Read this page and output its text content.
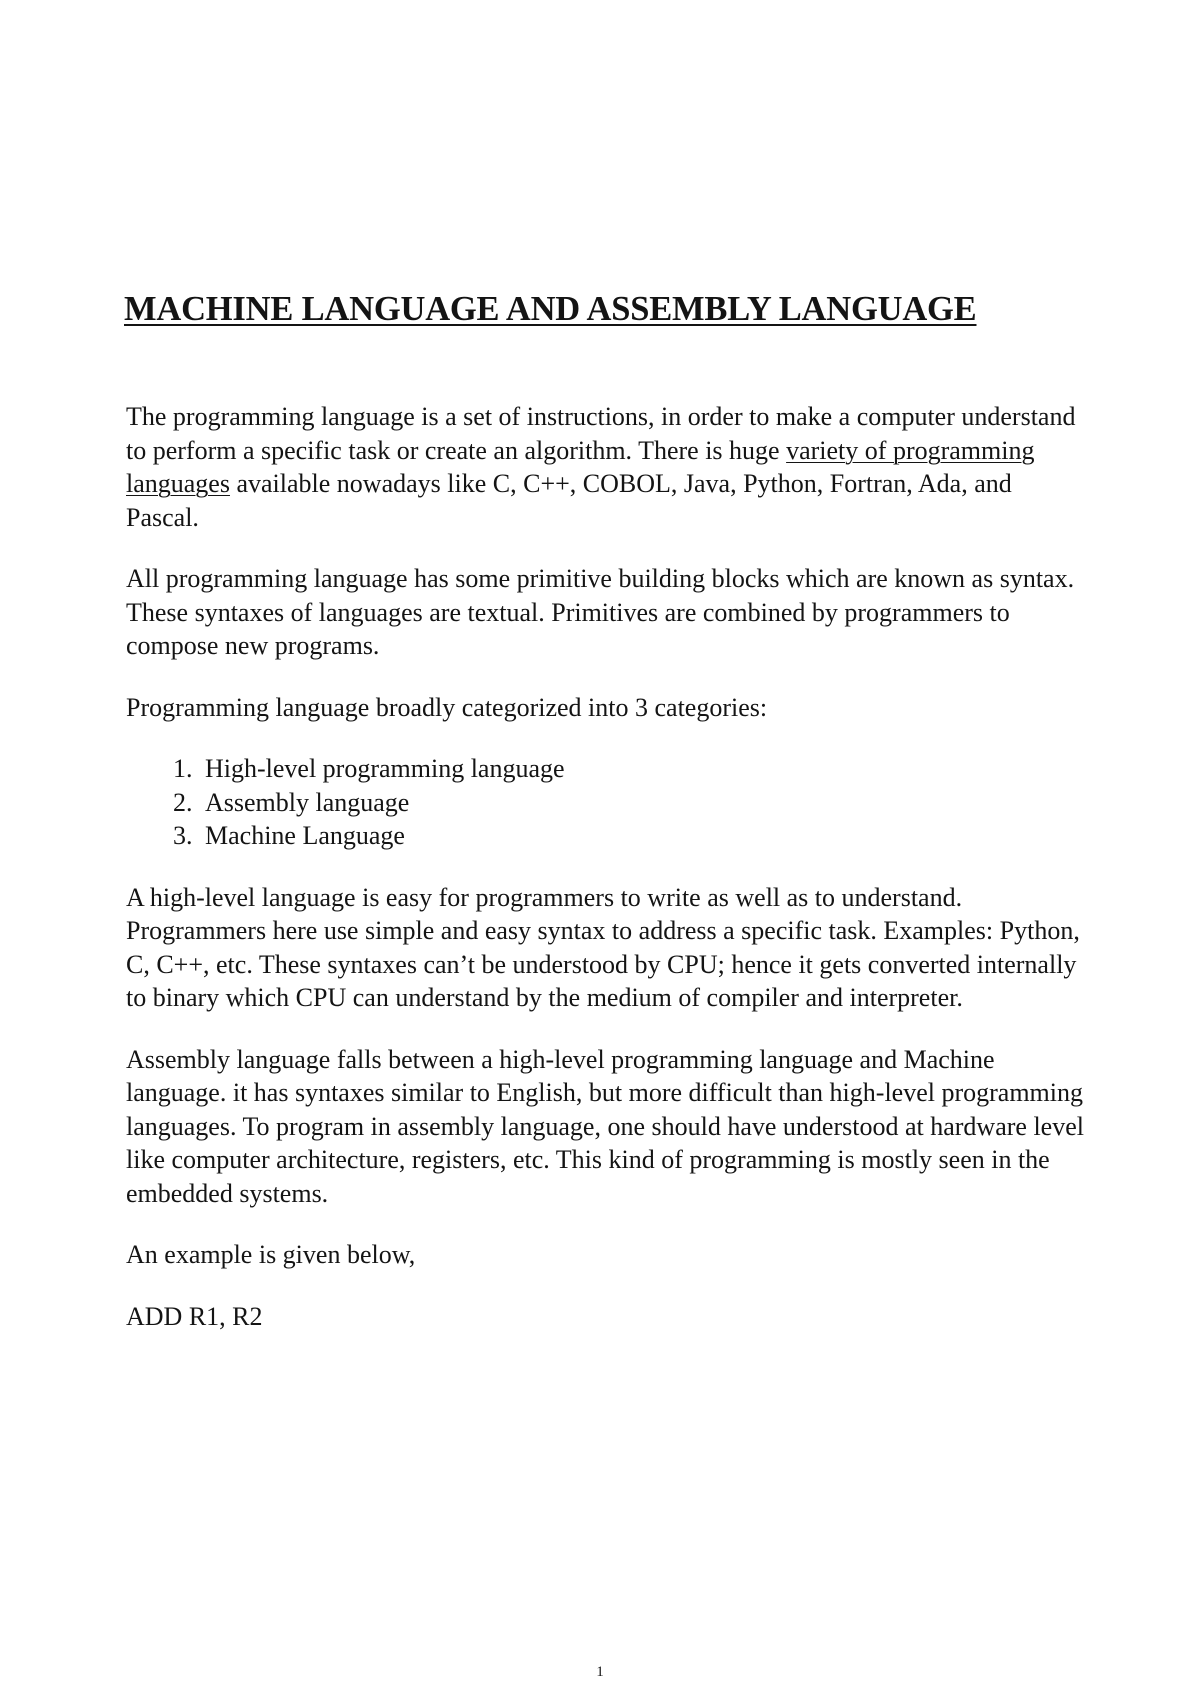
MACHINE LANGUAGE AND ASSEMBLY LANGUAGE

The programming language is a set of instructions, in order to make a computer understand to perform a specific task or create an algorithm. There is huge variety of programming languages available nowadays like C, C++, COBOL, Java, Python, Fortran, Ada, and Pascal.

All programming language has some primitive building blocks which are known as syntax. These syntaxes of languages are textual. Primitives are combined by programmers to compose new programs.

Programming language broadly categorized into 3 categories:

1. High-level programming language
2. Assembly language
3. Machine Language

A high-level language is easy for programmers to write as well as to understand. Programmers here use simple and easy syntax to address a specific task. Examples: Python, C, C++, etc. These syntaxes can’t be understood by CPU; hence it gets converted internally to binary which CPU can understand by the medium of compiler and interpreter.

Assembly language falls between a high-level programming language and Machine language. it has syntaxes similar to English, but more difficult than high-level programming languages. To program in assembly language, one should have understood at hardware level like computer architecture, registers, etc. This kind of programming is mostly seen in the embedded systems.

An example is given below,

ADD R1, R2

1
